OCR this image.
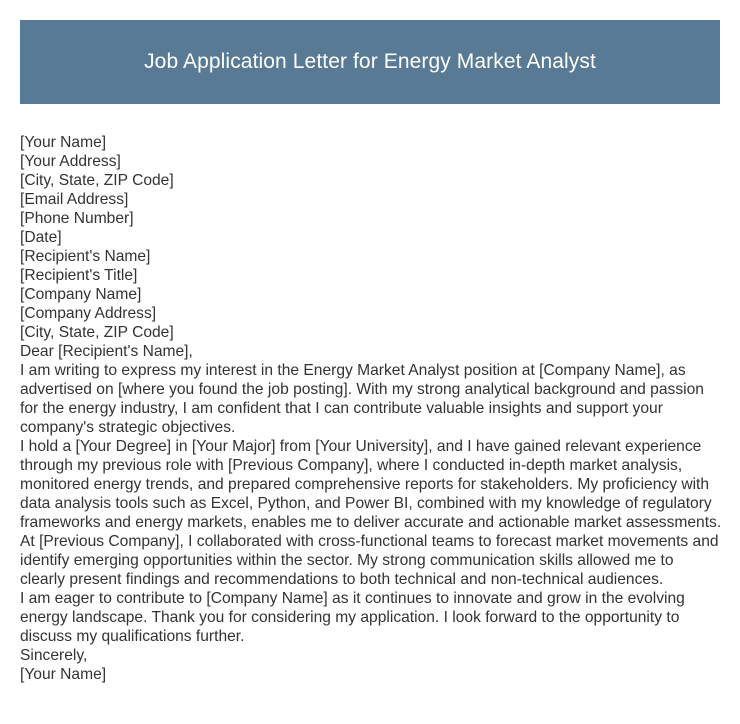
Job Application Letter for Energy Market Analyst
[Your Name]
[Your Address]
[City, State, ZIP Code]
[Email Address]
[Phone Number]
[Date]
[Recipient's Name]
[Recipient's Title]
[Company Name]
[Company Address]
[City, State, ZIP Code]
Dear [Recipient's Name],

I am writing to express my interest in the Energy Market Analyst position at [Company Name], as advertised on [where you found the job posting]. With my strong analytical background and passion for the energy industry, I am confident that I can contribute valuable insights and support your company's strategic objectives.

I hold a [Your Degree] in [Your Major] from [Your University], and I have gained relevant experience through my previous role with [Previous Company], where I conducted in-depth market analysis, monitored energy trends, and prepared comprehensive reports for stakeholders. My proficiency with data analysis tools such as Excel, Python, and Power BI, combined with my knowledge of regulatory frameworks and energy markets, enables me to deliver accurate and actionable market assessments.

At [Previous Company], I collaborated with cross-functional teams to forecast market movements and identify emerging opportunities within the sector. My strong communication skills allowed me to clearly present findings and recommendations to both technical and non-technical audiences.

I am eager to contribute to [Company Name] as it continues to innovate and grow in the evolving energy landscape. Thank you for considering my application. I look forward to the opportunity to discuss my qualifications further.

Sincerely,
[Your Name]
